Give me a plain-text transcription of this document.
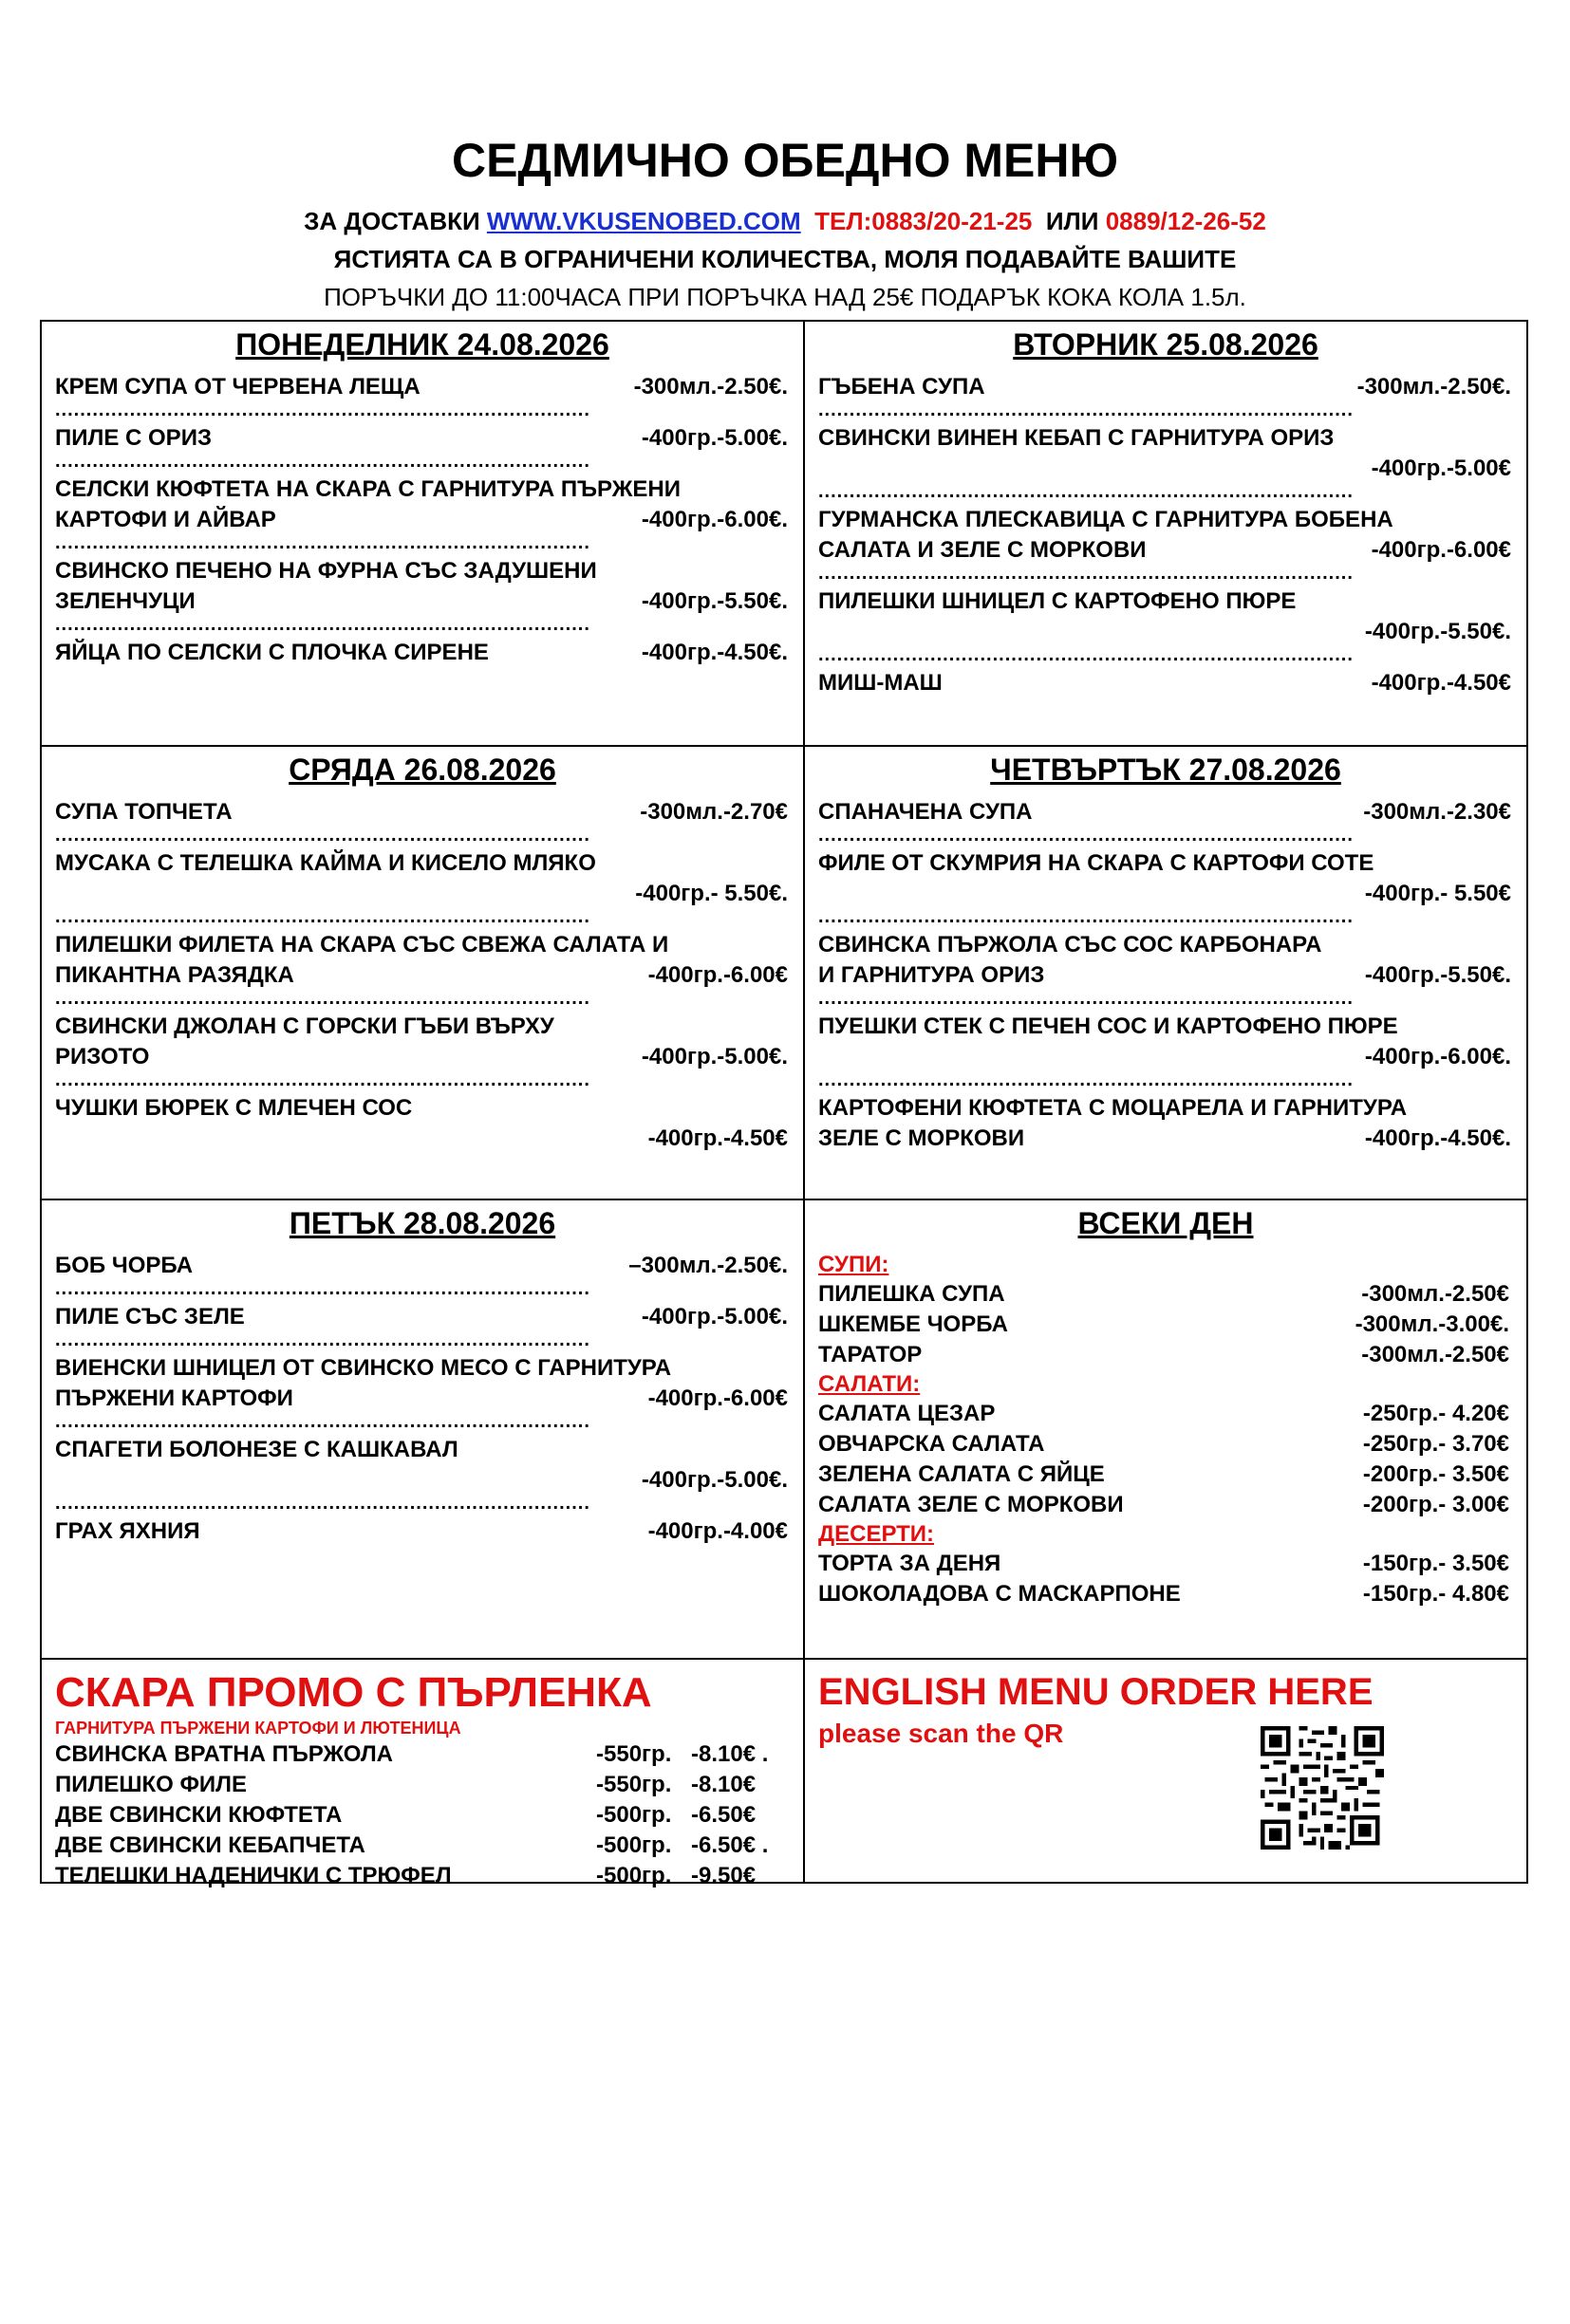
СЕДМИЧНО ОБЕДНО МЕНЮ
ЗА ДОСТАВКИ WWW.VKUSENOBED.COM ТЕЛ:0883/20-21-25 ИЛИ 0889/12-26-52
ЯСТИЯТА СА В ОГРАНИЧЕНИ КОЛИЧЕСТВА, МОЛЯ ПОДАВАЙТЕ ВАШИТЕ
ПОРЪЧКИ ДО 11:00ЧАСА ПРИ ПОРЪЧКА НАД 25€ ПОДАРЪК КОКА КОЛА 1.5л.
ПОНЕДЕЛНИК 24.08.2026
КРЕМ СУПА ОТ ЧЕРВЕНА ЛЕЩА	-300мл.-2.50€.
......................................................................................
ПИЛЕ С ОРИЗ	-400гр.-5.00€.
......................................................................................
СЕЛСКИ КЮФТЕТА НА СКАРА С ГАРНИТУРА ПЪРЖЕНИ
КАРТОФИ И АЙВАР	-400гр.-6.00€.
......................................................................................
СВИНСКО ПЕЧЕНО НА ФУРНА СЪС ЗАДУШЕНИ
ЗЕЛЕНЧУЦИ	-400гр.-5.50€.
......................................................................................
ЯЙЦА ПО СЕЛСКИ С ПЛОЧКА СИРЕНЕ	-400гр.-4.50€.
ВТОРНИК 25.08.2026
ГЪБЕНА СУПА	-300мл.-2.50€.
......................................................................................
СВИНСКИ ВИНЕН КЕБАП С ГАРНИТУРА ОРИЗ
-400гр.-5.00€
......................................................................................
ГУРМАНСКА ПЛЕСКАВИЦА С ГАРНИТУРА БОБЕНА
САЛАТА И ЗЕЛЕ С МОРКОВИ	-400гр.-6.00€
......................................................................................
ПИЛЕШКИ ШНИЦЕЛ С КАРТОФЕНО ПЮРЕ
-400гр.-5.50€.
......................................................................................
МИШ-МАШ	-400гр.-4.50€
СРЯДА 26.08.2026
СУПА ТОПЧЕТА	-300мл.-2.70€
......................................................................................
МУСАКА С ТЕЛЕШКА КАЙМА И КИСЕЛО МЛЯКО
-400гр.- 5.50€.
......................................................................................
ПИЛЕШКИ ФИЛЕТА НА СКАРА СЪС СВЕЖА САЛАТА И
ПИКАНТНА РАЗЯДКА	-400гр.-6.00€
......................................................................................
СВИНСКИ ДЖОЛАН С ГОРСКИ ГЪБИ ВЪРХУ
РИЗОТО	-400гр.-5.00€.
......................................................................................
ЧУШКИ БЮРЕК С МЛЕЧЕН СОС
-400гр.-4.50€
ЧЕТВЪРТЪК 27.08.2026
СПАНАЧЕНА СУПА	-300мл.-2.30€
......................................................................................
ФИЛЕ ОТ СКУМРИЯ НА СКАРА С КАРТОФИ СОТЕ
-400гр.- 5.50€
......................................................................................
СВИНСКА ПЪРЖОЛА СЪС СОС КАРБОНАРА
И ГАРНИТУРА ОРИЗ	-400гр.-5.50€.
......................................................................................
ПУЕШКИ СТЕК С ПЕЧЕН СОС И КАРТОФЕНО ПЮРЕ
-400гр.-6.00€.
......................................................................................
КАРТОФЕНИ КЮФТЕТА С МОЦАРЕЛА И ГАРНИТУРА
ЗЕЛЕ С МОРКОВИ	-400гр.-4.50€.
ПЕТЪК 28.08.2026
БОБ ЧОРБА	–300мл.-2.50€.
......................................................................................
ПИЛЕ СЪС ЗЕЛЕ	-400гр.-5.00€.
......................................................................................
ВИЕНСКИ ШНИЦЕЛ ОТ СВИНСКО МЕСО С ГАРНИТУРА
ПЪРЖЕНИ КАРТОФИ	-400гр.-6.00€
......................................................................................
СПАГЕТИ БОЛОНЕЗЕ С КАШКАВАЛ
-400гр.-5.00€.
......................................................................................
ГРАХ ЯХНИЯ	-400гр.-4.00€
ВСЕКИ ДЕН
СУПИ:
ПИЛЕШКА СУПА	-300мл.-2.50€
ШКЕМБЕ ЧОРБА	-300мл.-3.00€.
ТАРАТОР	-300мл.-2.50€
САЛАТИ:
САЛАТА ЦЕЗАР	-250гр.- 4.20€
ОВЧАРСКА САЛАТА	-250гр.- 3.70€
ЗЕЛЕНА САЛАТА С ЯЙЦЕ	-200гр.- 3.50€
САЛАТА ЗЕЛЕ С МОРКОВИ	-200гр.- 3.00€
ДЕСЕРТИ:
ТОРТА ЗА ДЕНЯ	-150гр.- 3.50€
ШОКОЛАДОВА С МАСКАРПОНЕ	-150гр.- 4.80€
СКАРА ПРОМО С ПЪРЛЕНКА
ГАРНИТУРА ПЪРЖЕНИ КАРТОФИ И ЛЮТЕНИЦА
СВИНСКА ВРАТНА ПЪРЖОЛА	-550гр. -8.10€ .
ПИЛЕШКО ФИЛЕ	-550гр. -8.10€
ДВЕ СВИНСКИ КЮФТЕТА	-500гр. -6.50€
ДВЕ СВИНСКИ КЕБАПЧЕТА	-500гр. -6.50€ .
ТЕЛЕШКИ НАДЕНИЧКИ С ТРЮФЕЛ	-500гр. -9.50€
ENGLISH MENU ORDER HERE
please scan the QR
